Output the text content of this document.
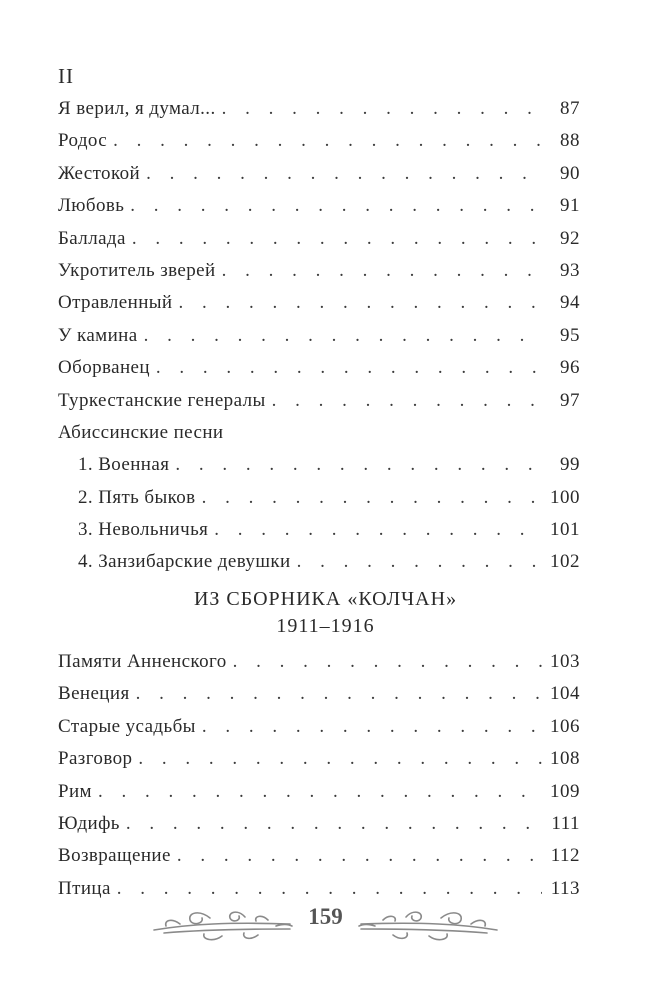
II
Я верил, я думал... . . .	87
Родос . . .	88
Жестокой . . .	90
Любовь . . .	91
Баллада . . .	92
Укротитель зверей . . .	93
Отравленный . . .	94
У камина . . .	95
Оборванец . . .	96
Туркестанские генералы . . .	97
Абиссинские песни
1. Военная . . .	99
2. Пять быков . . .	100
3. Невольничья . . .	101
4. Занзибарские девушки . . .	102
ИЗ СБОРНИКА «КОЛЧАН»
1911–1916
Памяти Анненского . . .	103
Венеция . . .	104
Старые усадьбы . . .	106
Разговор . . .	108
Рим . . .	109
Юдифь . . .	111
Возвращение . . .	112
Птица . . .	113
159
